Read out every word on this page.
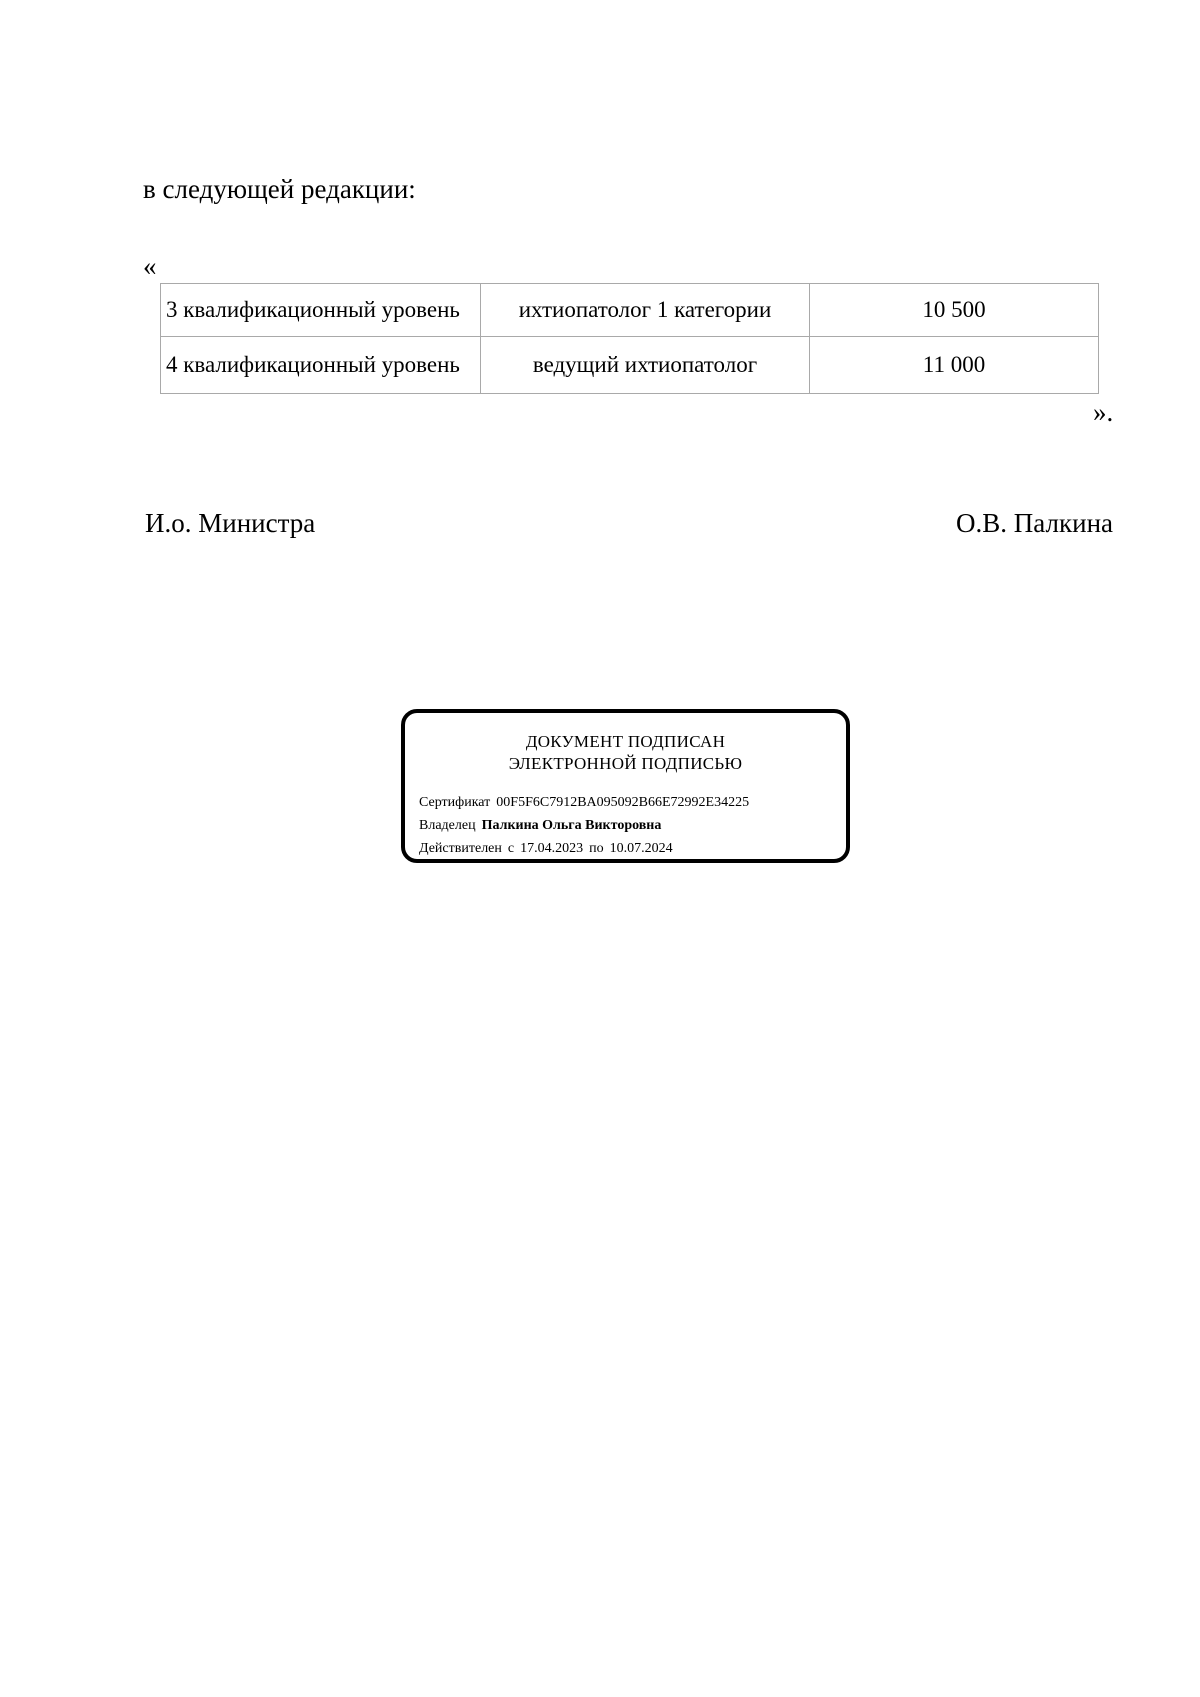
в следующей редакции:
«
3 квалификационный уровень	ихтиопатолог 1 категории	10 500
4 квалификационный уровень	ведущий ихтиопатолог	11 000
».
И.о. Министра	О.В. Палкина
ДОКУМЕНТ ПОДПИСАН
ЭЛЕКТРОННОЙ ПОДПИСЬЮ
Сертификат 00F5F6C7912BA095092B66E72992E34225
Владелец Палкина Ольга Викторовна
Действителен с 17.04.2023 по 10.07.2024
